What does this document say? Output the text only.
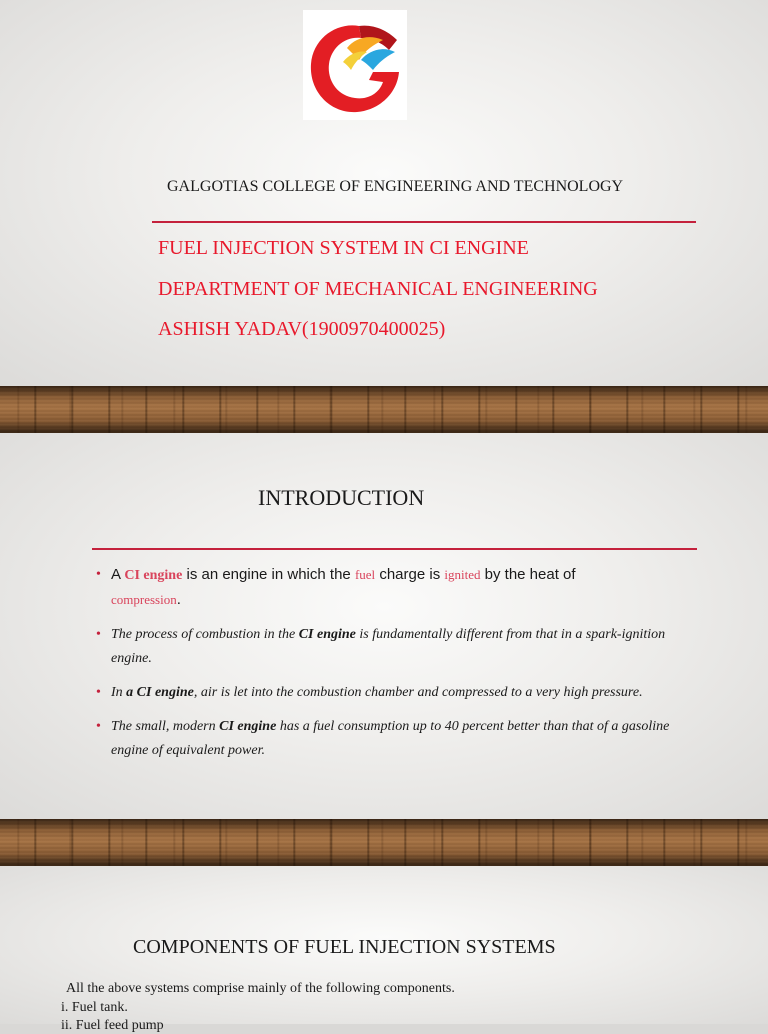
GALGOTIAS COLLEGE OF ENGINEERING AND TECHNOLOGY
FUEL INJECTION SYSTEM IN CI ENGINE
DEPARTMENT OF MECHANICAL ENGINEERING
ASHISH YADAV(1900970400025)
INTRODUCTION
• A CI engine is an engine in which the fuel charge is ignited by the heat of
compression.
• The process of combustion in the CI engine is fundamentally different from that in a spark-ignition engine.
• In a CI engine, air is let into the combustion chamber and compressed to a very high pressure.
• The small, modern CI engine has a fuel consumption up to 40 percent better than that of a gasoline engine of equivalent power.
COMPONENTS OF FUEL INJECTION SYSTEMS
All the above systems comprise mainly of the following components.
i. Fuel tank.
ii. Fuel feed pump
